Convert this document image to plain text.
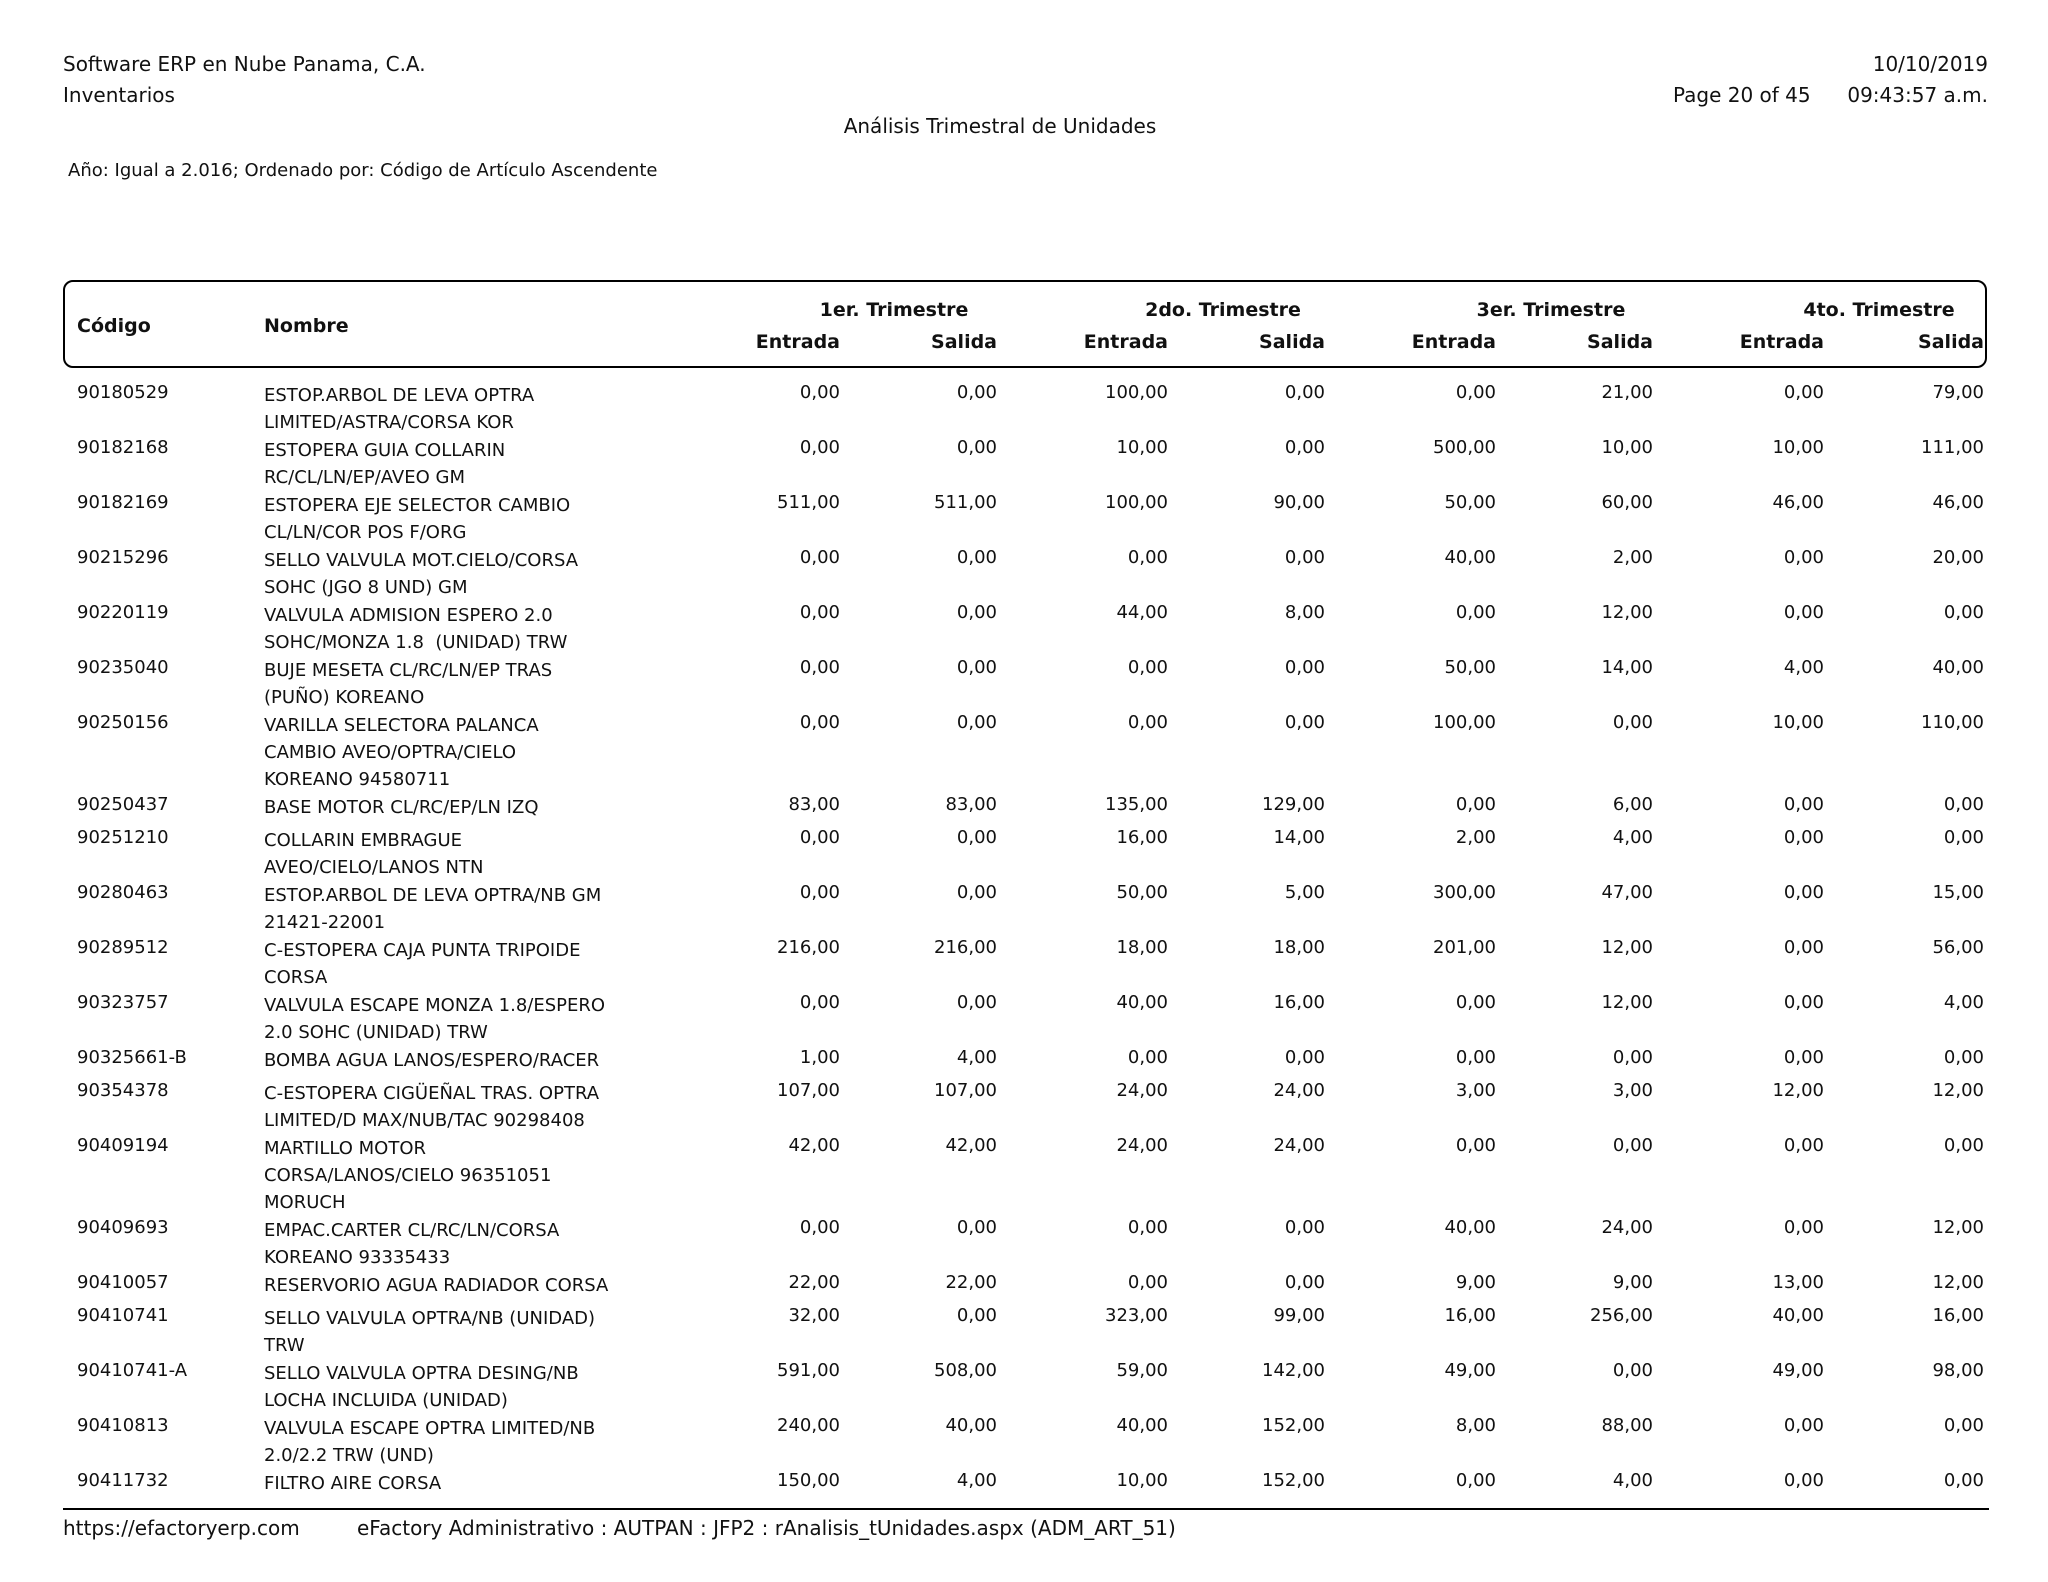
Software ERP en Nube Panama, C.A.
Inventarios
10/10/2019
Page 20 of 45 09:43:57 a.m.
Análisis Trimestral de Unidades
Año: Igual a 2.016; Ordenado por: Código de Artículo Ascendente
Código	Nombre
1er. Trimestre	2do. Trimestre	3er. Trimestre	4to. Trimestre
Entrada	Salida	Entrada	Salida	Entrada	Salida	Entrada	Salida
90180529	ESTOP.ARBOL DE LEVA OPTRA
LIMITED/ASTRA/CORSA KOR
0,00	0,00	100,00	0,00	0,00	21,00	0,00	79,00
90182168	ESTOPERA GUIA COLLARIN
RC/CL/LN/EP/AVEO GM
0,00	0,00	10,00	0,00	500,00	10,00	10,00	111,00
90182169	ESTOPERA EJE SELECTOR CAMBIO
CL/LN/COR POS F/ORG
511,00	511,00	100,00	90,00	50,00	60,00	46,00	46,00
90215296	SELLO VALVULA MOT.CIELO/CORSA
SOHC (JGO 8 UND) GM
0,00	0,00	0,00	0,00	40,00	2,00	0,00	20,00
90220119	VALVULA ADMISION ESPERO 2.0
SOHC/MONZA 1.8  (UNIDAD) TRW
0,00	0,00	44,00	8,00	0,00	12,00	0,00	0,00
90235040	BUJE MESETA CL/RC/LN/EP TRAS
(PUÑO) KOREANO
0,00	0,00	0,00	0,00	50,00	14,00	4,00	40,00
90250156	VARILLA SELECTORA PALANCA
CAMBIO AVEO/OPTRA/CIELO
KOREANO 94580711
0,00	0,00	0,00	0,00	100,00	0,00	10,00	110,00
90250437	BASE MOTOR CL/RC/EP/LN IZQ	83,00	83,00	135,00	129,00	0,00	6,00	0,00	0,00
90251210	COLLARIN EMBRAGUE
AVEO/CIELO/LANOS NTN
0,00	0,00	16,00	14,00	2,00	4,00	0,00	0,00
90280463	ESTOP.ARBOL DE LEVA OPTRA/NB GM
21421-22001
0,00	0,00	50,00	5,00	300,00	47,00	0,00	15,00
90289512	C-ESTOPERA CAJA PUNTA TRIPOIDE
CORSA
216,00	216,00	18,00	18,00	201,00	12,00	0,00	56,00
90323757	VALVULA ESCAPE MONZA 1.8/ESPERO
2.0 SOHC (UNIDAD) TRW
0,00	0,00	40,00	16,00	0,00	12,00	0,00	4,00
90325661-B	BOMBA AGUA LANOS/ESPERO/RACER	1,00	4,00	0,00	0,00	0,00	0,00	0,00	0,00
90354378	C-ESTOPERA CIGÜEÑAL TRAS. OPTRA
LIMITED/D MAX/NUB/TAC 90298408
107,00	107,00	24,00	24,00	3,00	3,00	12,00	12,00
90409194	MARTILLO MOTOR
CORSA/LANOS/CIELO 96351051
MORUCH
42,00	42,00	24,00	24,00	0,00	0,00	0,00	0,00
90409693	EMPAC.CARTER CL/RC/LN/CORSA
KOREANO 93335433
0,00	0,00	0,00	0,00	40,00	24,00	0,00	12,00
90410057	RESERVORIO AGUA RADIADOR CORSA	22,00	22,00	0,00	0,00	9,00	9,00	13,00	12,00
90410741	SELLO VALVULA OPTRA/NB (UNIDAD)
TRW
32,00	0,00	323,00	99,00	16,00	256,00	40,00	16,00
90410741-A	SELLO VALVULA OPTRA DESING/NB
LOCHA INCLUIDA (UNIDAD)
591,00	508,00	59,00	142,00	49,00	0,00	49,00	98,00
90410813	VALVULA ESCAPE OPTRA LIMITED/NB
2.0/2.2 TRW (UND)
240,00	40,00	40,00	152,00	8,00	88,00	0,00	0,00
90411732	FILTRO AIRE CORSA	150,00	4,00	10,00	152,00	0,00	4,00	0,00	0,00
https://efactoryerp.com	eFactory Administrativo : AUTPAN : JFP2 : rAnalisis_tUnidades.aspx (ADM_ART_51)
